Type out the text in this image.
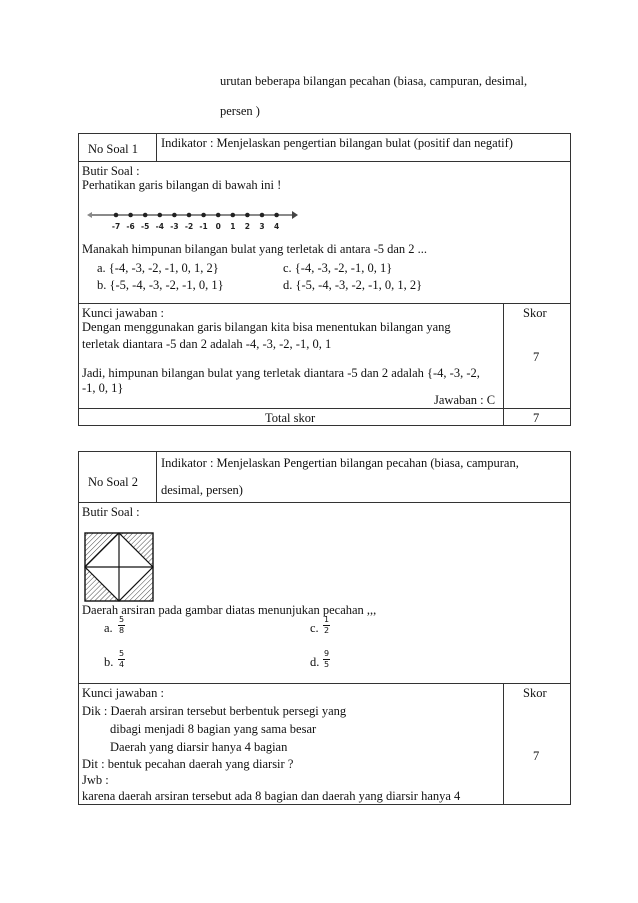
urutan beberapa bilangan pecahan (biasa, campuran, desimal,
persen )
No Soal 1 Indikator : Menjelaskan pengertian bilangan bulat (positif dan negatif)
Butir Soal :
Perhatikan garis bilangan di bawah ini !
-7 -6 -5 -4 -3 -2 -1 0 1 2 3 4
Manakah himpunan bilangan bulat yang terletak di antara -5 dan 2 ...
a. {-4, -3, -2, -1, 0, 1, 2}	c. {-4, -3, -2, -1, 0, 1}
b. {-5, -4, -3, -2, -1, 0, 1}	d. {-5, -4, -3, -2, -1, 0, 1, 2}
Kunci jawaban :
Dengan menggunakan garis bilangan kita bisa menentukan bilangan yang
terletak diantara -5 dan 2 adalah -4, -3, -2, -1, 0, 1
Jadi, himpunan bilangan bulat yang terletak diantara -5 dan 2 adalah {-4, -3, -2,
-1, 0, 1}
Jawaban : C
Skor
7
Total skor	7
No Soal 2
Indikator : Menjelaskan Pengertian bilangan pecahan (biasa, campuran,
desimal, persen)
Butir Soal :
Daerah arsiran pada gambar diatas menunjukan pecahan ,,,
a.
5
8	c.
1
2
b.
5
4	d.
9
5
Kunci jawaban :
Dik : Daerah arsiran tersebut berbentuk persegi yang
dibagi menjadi 8 bagian yang sama besar
Daerah yang diarsir hanya 4 bagian
Dit : bentuk pecahan daerah yang diarsir ?
Jwb :
karena daerah arsiran tersebut ada 8 bagian dan daerah yang diarsir hanya 4
Skor
7
